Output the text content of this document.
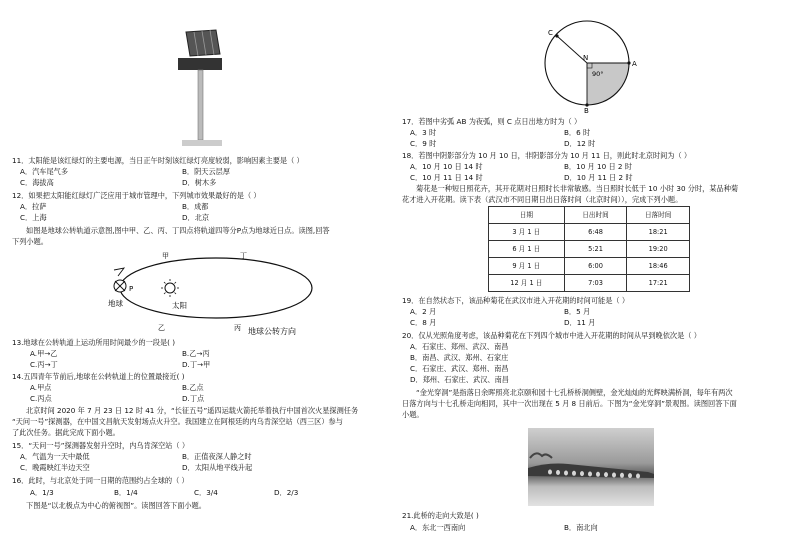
11．太阳能是该红绿灯的主要电源，当日正午时刻该红绿灯亮度较弱，影响因素主要是（ ）
A．汽车尾气多	B．阴天云层厚
C．海拔高	D．树木多
12．如果把太阳能红绿灯广泛应用于城市管理中，下列城市效果最好的是（ ）
A．拉萨	B．成都
C．上海	D．北京
如图是地球公转轨道示意图,图中甲、乙、丙、丁四点将轨道四等分P点为地球近日点。读图,回答
下列小题。
甲	丁
乙	丙
P
地球	太阳
地球公转方向
13.地球在公转轨道上运动所用时间最少的一段是( )
A.甲→乙	B.乙→丙
C.丙→丁	D.丁→甲
14.五四青年节前后,地球在公转轨道上的位置最接近( )
A.甲点	B.乙点
C.丙点	D.丁点
北京时间 2020 年 7 月 23 日 12 时 41 分，“长征五号”遥四运载火箭托举着执行中国首次火星探测任务
“天问一号”探测器，在中国文昌航天发射场点火升空。我国建立在阿根廷的内乌肯深空站（西三区）参与
了此次任务。据此完成下面小题。
15．“天问一号”探测器发射升空时，内乌肯深空站（ ）
A．气温为一天中最低	B．正值夜深人静之时
C．晚霞映红半边天空	D．太阳从地平线升起
16．此时，与北京处于同一日期的范围约占全球的（ ）
A．1/3	B．1/4	C．3/4	D．2/3
下图是“以北极点为中心的俯视图”。读图回答下面小题。
C
N
A
B
90°
17．若图中劣弧 AB 为夜弧，则 C 点日出地方时为（ ）
A．3 时	B．6 时
C．9 时	D．12 时
18．若图中阴影部分为 10 月 10 日，非阴影部分为 10 月 11 日，则此时北京时间为（ ）
A．10 月 10 日 14 时	B．10 月 10 日 2 时
C．10 月 11 日 14 时	D．10 月 11 日 2 时
菊花是一种短日照花卉，其开花期对日照时长非常敏感。当日照时长低于 10 小时 30 分时，某品种菊
花才进入开花期。读下表（武汉市不同日期日出日落时间（北京时间）），完成下列小题。
日期	日出时间	日落时间
3 月 1 日	6:48	18:21
6 月 1 日	5:21	19:20
9 月 1 日	6:00	18:46
12 月 1 日	7:03	17:21
19．在自然状态下，该品种菊花在武汉市进入开花期的时间可能是（ ）
A．2 月	B．5 月
C．8 月	D．11 月
20．仅从光照角度考虑，该品种菊花在下列四个城市中进入开花期的时间从早到晚依次是（ ）
A．石家庄、郑州、武汉、南昌
B．南昌、武汉、郑州、石家庄
C．石家庄、武汉、郑州、南昌
D．郑州、石家庄、武汉、南昌
“金光穿洞”是指落日余晖照亮北京颐和园十七孔桥桥洞侧壁，金光灿灿的光辉映满桥洞，每年有两次
日落方向与十七孔桥走向相同，其中一次出现在 5 月 8 日前后。下图为“金光穿洞”景观图。读图回答下面
小题。
21.此桥的走向大致是( )
A．东北一西南向	B．南北向
